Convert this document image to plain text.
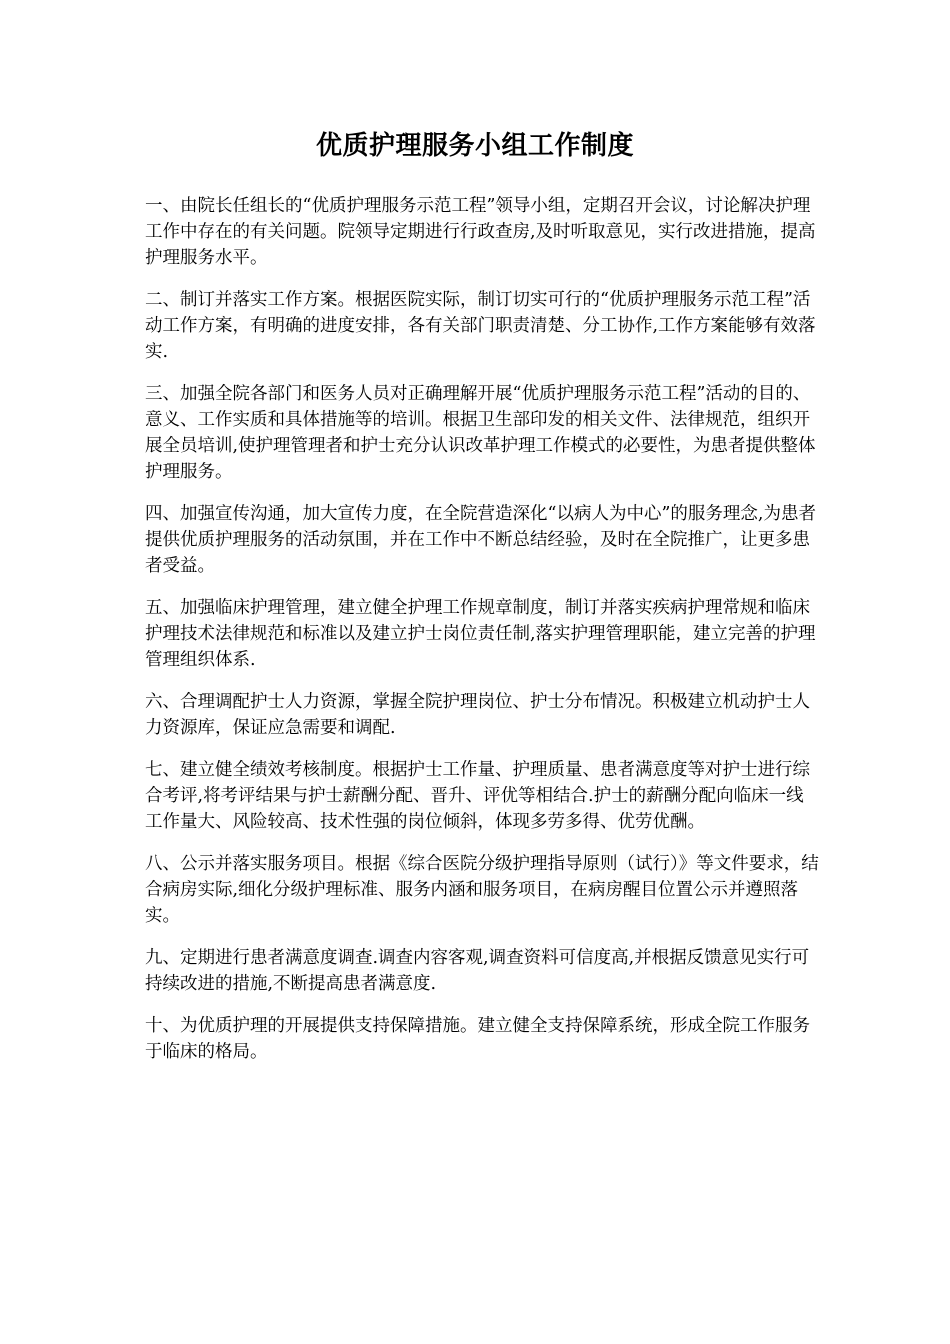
优质护理服务小组工作制度

一、由院长任组长的“优质护理服务示范工程”领导小组，定期召开会议，讨论解决护理工作中存在的有关问题。院领导定期进行行政查房,及时听取意见，实行改进措施，提高护理服务水平。

二、制订并落实工作方案。根据医院实际，制订切实可行的“优质护理服务示范工程”活动工作方案，有明确的进度安排，各有关部门职责清楚、分工协作,工作方案能够有效落实.

三、加强全院各部门和医务人员对正确理解开展“优质护理服务示范工程”活动的目的、意义、工作实质和具体措施等的培训。根据卫生部印发的相关文件、法律规范，组织开展全员培训,使护理管理者和护士充分认识改革护理工作模式的必要性，为患者提供整体护理服务。

四、加强宣传沟通，加大宣传力度，在全院营造深化“以病人为中心”的服务理念,为患者提供优质护理服务的活动氛围，并在工作中不断总结经验，及时在全院推广，让更多患者受益。

五、加强临床护理管理，建立健全护理工作规章制度，制订并落实疾病护理常规和临床护理技术法律规范和标准以及建立护士岗位责任制,落实护理管理职能，建立完善的护理管理组织体系.

六、合理调配护士人力资源，掌握全院护理岗位、护士分布情况。积极建立机动护士人力资源库，保证应急需要和调配.

七、建立健全绩效考核制度。根据护士工作量、护理质量、患者满意度等对护士进行综合考评,将考评结果与护士薪酬分配、晋升、评优等相结合.护士的薪酬分配向临床一线工作量大、风险较高、技术性强的岗位倾斜，体现多劳多得、优劳优酬。

八、公示并落实服务项目。根据《综合医院分级护理指导原则（试行）》等文件要求，结合病房实际,细化分级护理标准、服务内涵和服务项目，在病房醒目位置公示并遵照落实。

九、定期进行患者满意度调查.调查内容客观,调查资料可信度高,并根据反馈意见实行可持续改进的措施,不断提高患者满意度.

十、为优质护理的开展提供支持保障措施。建立健全支持保障系统，形成全院工作服务于临床的格局。
